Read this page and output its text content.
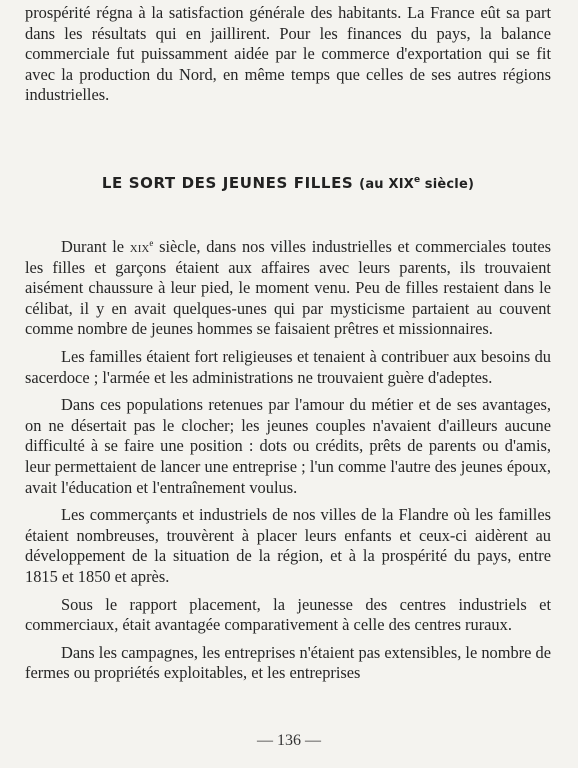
prospérité régna à la satisfaction générale des habitants. La France eût sa part dans les résultats qui en jaillirent. Pour les finances du pays, la balance commerciale fut puissamment aidée par le commerce d'exportation qui se fit avec la production du Nord, en même temps que celles de ses autres régions industrielles.

LE SORT DES JEUNES FILLES (au XIXe siècle)

Durant le xix$^e$ siècle, dans nos villes industrielles et commerciales toutes les filles et garçons étaient aux affaires avec leurs parents, ils trouvaient aisément chaussure à leur pied, le moment venu. Peu de filles restaient dans le célibat, il y en avait quelques-unes qui par mysticisme partaient au couvent comme nombre de jeunes hommes se faisaient prêtres et missionnaires.

Les familles étaient fort religieuses et tenaient à contribuer aux besoins du sacerdoce ; l'armée et les administrations ne trouvaient guère d'adeptes.

Dans ces populations retenues par l'amour du métier et de ses avantages, on ne désertait pas le clocher; les jeunes couples n'avaient d'ailleurs aucune difficulté à se faire une position : dots ou crédits, prêts de parents ou d'amis, leur permettaient de lancer une entreprise ; l'un comme l'autre des jeunes époux, avait l'éducation et l'entraînement voulus.

Les commerçants et industriels de nos villes de la Flandre où les familles étaient nombreuses, trouvèrent à placer leurs enfants et ceux-ci aidèrent au développement de la situation de la région, et à la prospérité du pays, entre 1815 et 1850 et après.

Sous le rapport placement, la jeunesse des centres industriels et commerciaux, était avantagée comparativement à celle des centres ruraux.

Dans les campagnes, les entreprises n'étaient pas extensibles, le nombre de fermes ou propriétés exploitables, et les entreprises

— 136 —
